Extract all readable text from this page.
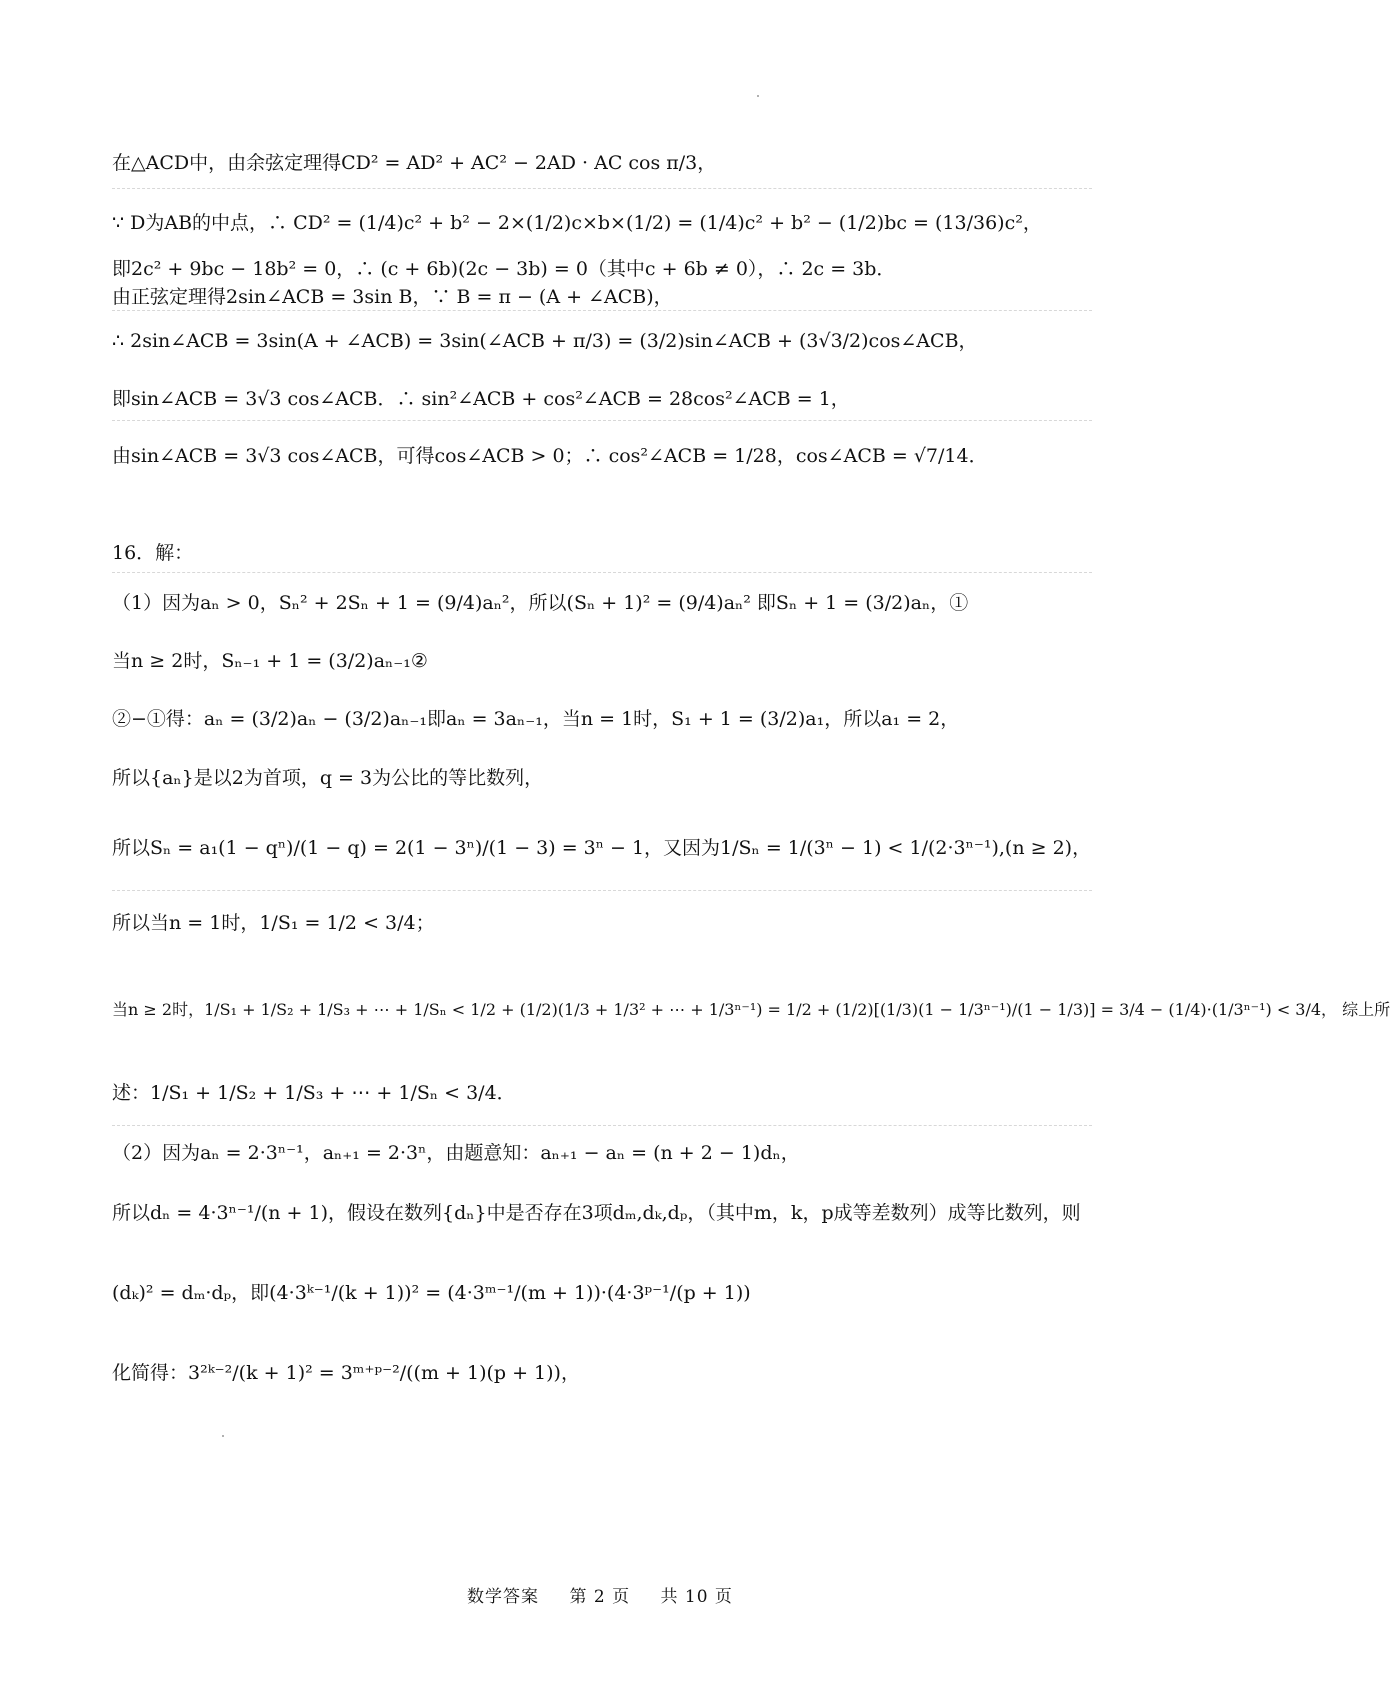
在△ACD中，由余弦定理得CD² = AD² + AC² − 2AD · AC cos π/3，
∵ D为AB的中点，∴ CD² = (1/4)c² + b² − 2×(1/2)c×b×(1/2) = (1/4)c² + b² − (1/2)bc = (13/36)c²，
即2c² + 9bc − 18b² = 0，∴ (c + 6b)(2c − 3b) = 0（其中c + 6b ≠ 0），∴ 2c = 3b．
由正弦定理得2sin∠ACB = 3sin B，∵ B = π − (A + ∠ACB)，
∴ 2sin∠ACB = 3sin(A + ∠ACB) = 3sin(∠ACB + π/3) = (3/2)sin∠ACB + (3√3/2)cos∠ACB，
即sin∠ACB = 3√3 cos∠ACB．∴ sin²∠ACB + cos²∠ACB = 28cos²∠ACB = 1，
由sin∠ACB = 3√3 cos∠ACB，可得cos∠ACB > 0；∴ cos²∠ACB = 1/28，cos∠ACB = √7/14．
16．解：
（1）因为aₙ > 0，Sₙ² + 2Sₙ + 1 = (9/4)aₙ²，所以(Sₙ + 1)² = (9/4)aₙ² 即Sₙ + 1 = (3/2)aₙ，①
当n ≥ 2时，Sₙ₋₁ + 1 = (3/2)aₙ₋₁②
②−①得：aₙ = (3/2)aₙ − (3/2)aₙ₋₁即aₙ = 3aₙ₋₁，当n = 1时，S₁ + 1 = (3/2)a₁，所以a₁ = 2，
所以{aₙ}是以2为首项，q = 3为公比的等比数列，
所以Sₙ = a₁(1 − qⁿ)/(1 − q) = 2(1 − 3ⁿ)/(1 − 3) = 3ⁿ − 1，又因为1/Sₙ = 1/(3ⁿ − 1) < 1/(2·3ⁿ⁻¹),(n ≥ 2)，
所以当n = 1时，1/S₁ = 1/2 < 3/4；
当n ≥ 2时，1/S₁ + 1/S₂ + 1/S₃ + ⋯ + 1/Sₙ < 1/2 + (1/2)(1/3 + 1/3² + ⋯ + 1/3ⁿ⁻¹) = 1/2 + (1/2)[(1/3)(1 − 1/3ⁿ⁻¹)/(1 − 1/3)] = 3/4 − (1/4)·(1/3ⁿ⁻¹) < 3/4， 综上所
述：1/S₁ + 1/S₂ + 1/S₃ + ⋯ + 1/Sₙ < 3/4．
（2）因为aₙ = 2·3ⁿ⁻¹，aₙ₊₁ = 2·3ⁿ，由题意知：aₙ₊₁ − aₙ = (n + 2 − 1)dₙ，
所以dₙ = 4·3ⁿ⁻¹/(n + 1)，假设在数列{dₙ}中是否存在3项dₘ,dₖ,dₚ，（其中m，k，p成等差数列）成等比数列，则
(dₖ)² = dₘ·dₚ，即(4·3ᵏ⁻¹/(k + 1))² = (4·3ᵐ⁻¹/(m + 1))·(4·3ᵖ⁻¹/(p + 1))
化简得：3²ᵏ⁻²/(k + 1)² = 3ᵐ⁺ᵖ⁻²/((m + 1)(p + 1))，
数学答案 第 2 页 共 10 页
